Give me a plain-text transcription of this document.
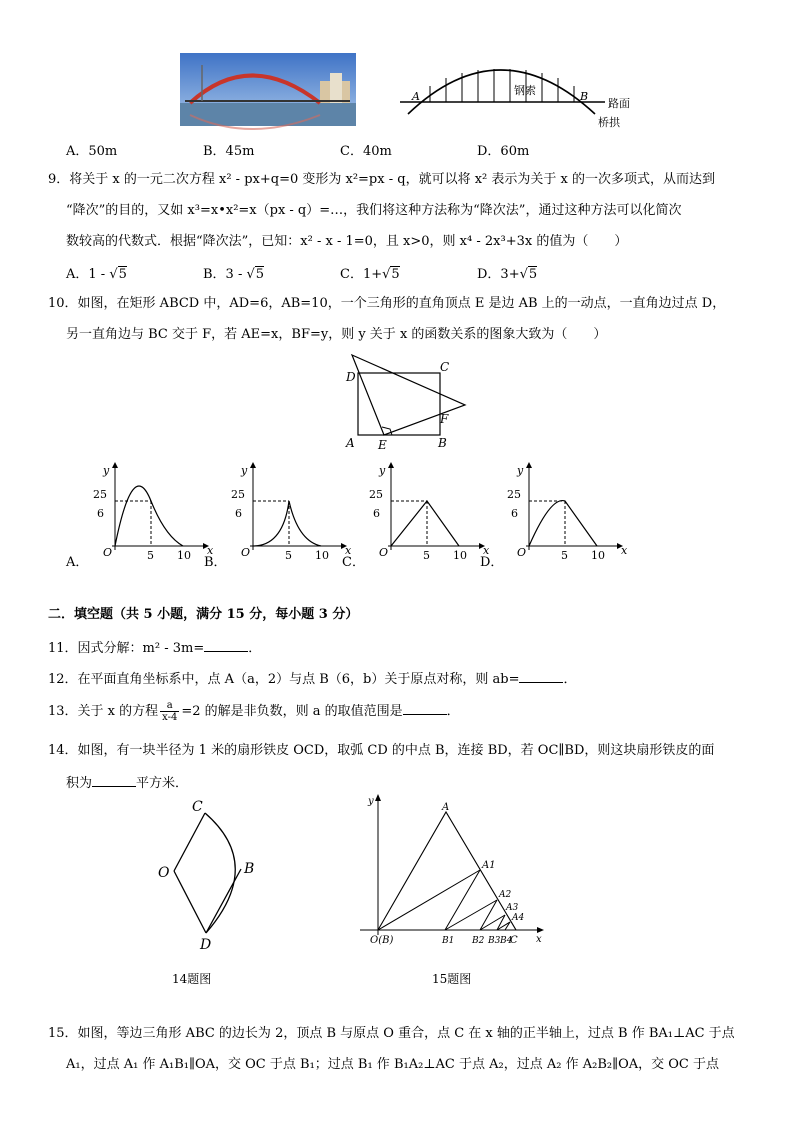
A	B
钢索
路面
桥拱
A．50m	B．45m	C．40m	D．60m
9．将关于 x 的一元二次方程 x² - px+q=0 变形为 x²=px - q，就可以将 x² 表示为关于 x 的一次多项式，从而达到
“降次”的目的，又如 x³=x•x²=x（px - q）=…，我们将这种方法称为“降次法”，通过这种方法可以化简次
数较高的代数式．根据“降次法”，已知：x² - x - 1=0，且 x>0，则 x⁴ - 2x³+3x 的值为（　　）
A．1 - √5	B．3 - √5	C．1+√5	D．3+√5
10．如图，在矩形 ABCD 中，AD=6，AB=10，一个三角形的直角顶点 E 是边 AB 上的一动点，一直角边过点 D，
另一直角边与 BC 交于 F，若 AE=x，BF=y，则 y 关于 x 的函数关系的图象大致为（　　）
D
C
F
A E	B
y
x
O
25
6
5 10
A．
y
x
O
25
6
5 10
B．
y
x
O
25
6
5 10
C．
y
x
O
25
6
5 10
D．
二．填空题（共 5 小题，满分 15 分，每小题 3 分）
11．因式分解：m² - 3m=	．
12．在平面直角坐标系中，点 A（a，2）与点 B（6，b）关于原点对称，则 ab=	．
13．关于 x 的方程 $\frac{a}{x-4} =2$ 的解是非负数，则 a 的取值范围是	．
14．如图，有一块半径为 1 米的扇形铁皮 OCD，取弧 CD 的中点 B，连接 BD，若 OC∥BD，则这块扇形铁皮的面
积为	平方米．
C
O	B
D
14题图
y
x
A
A1
A2
A3
A4
O(B)	B1 B2 B3 B4
C
15题图
15．如图，等边三角形 ABC 的边长为 2，顶点 B 与原点 O 重合，点 C 在 x 轴的正半轴上，过点 B 作 BA₁⊥AC 于点
A₁，过点 A₁ 作 A₁B₁∥OA，交 OC 于点 B₁；过点 B₁ 作 B₁A₂⊥AC 于点 A₂，过点 A₂ 作 A₂B₂∥OA，交 OC 于点
